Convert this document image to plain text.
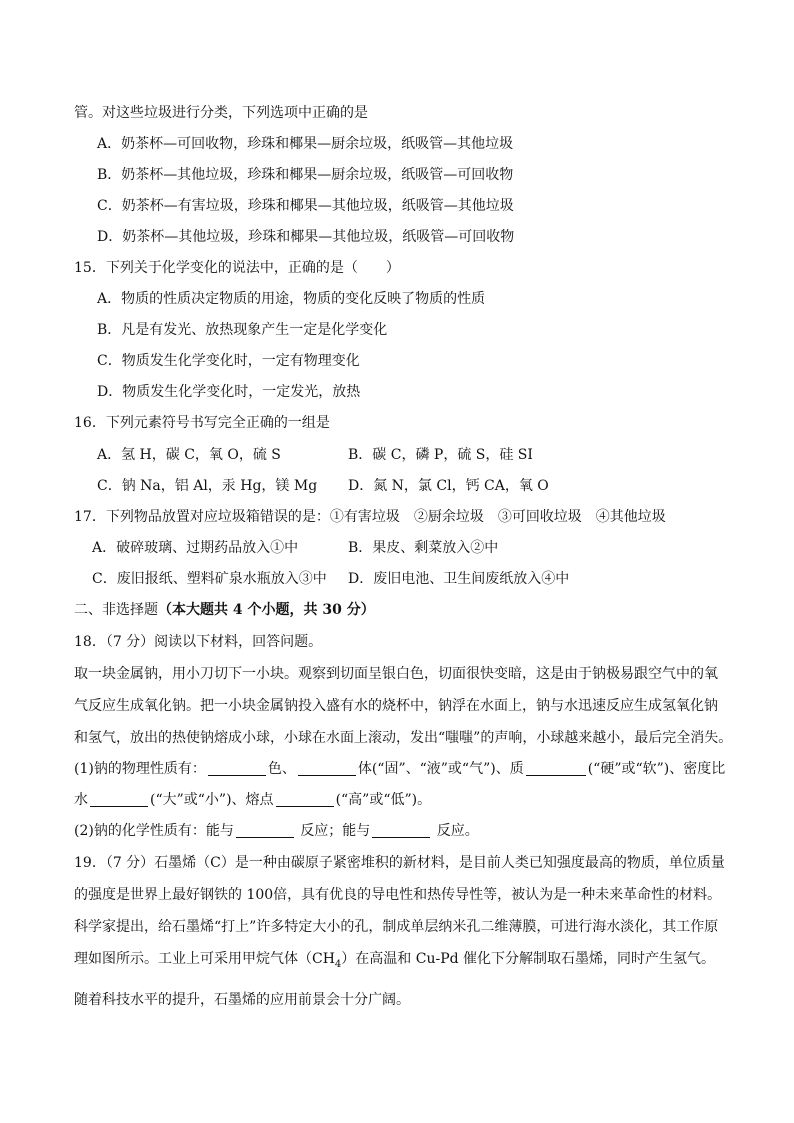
管。对这些垃圾进行分类，下列选项中正确的是
A．奶茶杯—可回收物，珍珠和椰果—厨余垃圾，纸吸管—其他垃圾
B．奶茶杯—其他垃圾，珍珠和椰果—厨余垃圾，纸吸管—可回收物
C．奶茶杯—有害垃圾，珍珠和椰果—其他垃圾，纸吸管—其他垃圾
D．奶茶杯—其他垃圾，珍珠和椰果—其他垃圾，纸吸管—可回收物
15．下列关于化学变化的说法中，正确的是（　　）
A．物质的性质决定物质的用途，物质的变化反映了物质的性质
B．凡是有发光、放热现象产生一定是化学变化
C．物质发生化学变化时，一定有物理变化
D．物质发生化学变化时，一定发光，放热
16．下列元素符号书写完全正确的一组是
A．氢 H，碳 C，氧 O，硫 S	B．碳 C，磷 P，硫 S，硅 SI
C．钠 Na，铝 Al，汞 Hg，镁 Mg D．氮 N，氯 Cl，钙 CA，氧 O
17．下列物品放置对应垃圾箱错误的是：①有害垃圾　②厨余垃圾　③可回收垃圾　④其他垃圾
A．破碎玻璃、过期药品放入①中	B．果皮、剩菜放入②中
C．废旧报纸、塑料矿泉水瓶放入③中 D．废旧电池、卫生间废纸放入④中
二、非选择题（本大题共 4 个小题，共 30 分）
18．（7 分）阅读以下材料，回答问题。
取一块金属钠，用小刀切下一小块。观察到切面呈银白色，切面很快变暗，这是由于钠极易跟空气中的氧
气反应生成氧化钠。把一小块金属钠投入盛有水的烧杯中，钠浮在水面上，钠与水迅速反应生成氢氧化钠
和氢气，放出的热使钠熔成小球，小球在水面上滚动，发出“嗤嗤”的声响，小球越来越小，最后完全消失。
(1)钠的物理性质有：	色、	体(“固”、“液”或“气”)、质	(“硬”或“软”)、密度比
水	(“大”或“小”)、熔点	(“高”或“低”)。
(2)钠的化学性质有：能与	反应；能与	反应。
19．（7 分）石墨烯（C）是一种由碳原子紧密堆积的新材料，是目前人类已知强度最高的物质，单位质量
的强度是世界上最好钢铁的 100倍，具有优良的导电性和热传导性等，被认为是一种未来革命性的材料。
科学家提出，给石墨烯“打上”许多特定大小的孔，制成单层纳米孔二维薄膜，可进行海水淡化，其工作原
理如图所示。工业上可采用甲烷气体$(CH_4)$在高温和 Cu-Pd 催化下分解制取石墨烯，同时产生氢气。
随着科技水平的提升，石墨烯的应用前景会十分广阔。
